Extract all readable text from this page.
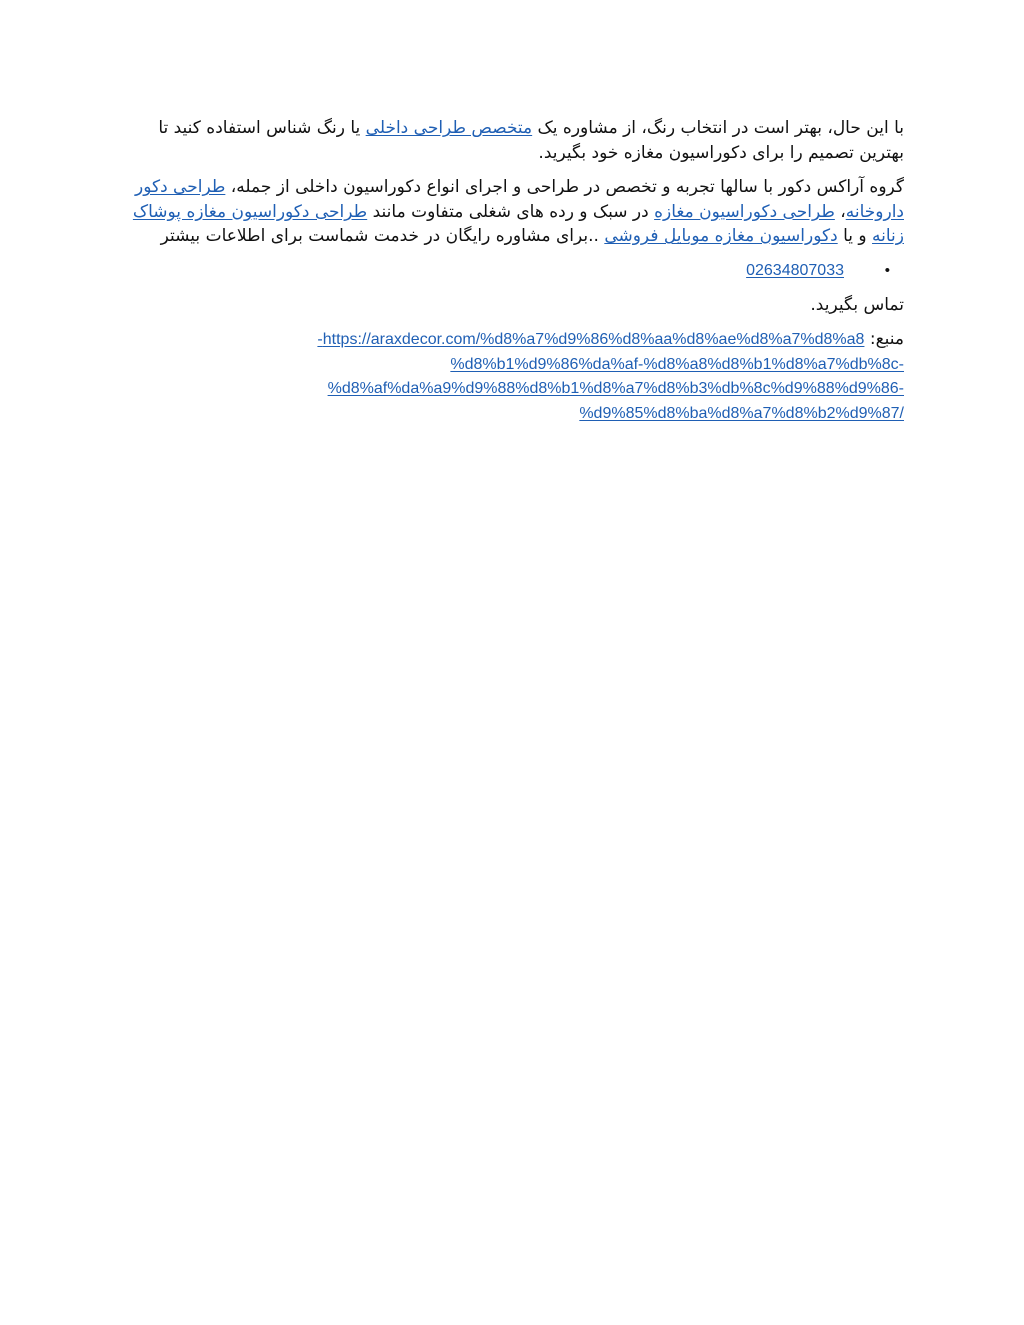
با این حال، بهتر است در انتخاب رنگ، از مشاوره یک متخصص طراحی داخلی یا رنگ شناس استفاده کنید تا بهترین تصمیم را برای دکوراسیون مغازه خود بگیرید.

گروه آراکس دکور با سالها تجربه و تخصص در طراحی و اجرای انواع دکوراسیون داخلی از جمله، طراحی دکور داروخانه، طراحی دکوراسیون مغازه در سبک و رده های شغلی متفاوت مانند طراحی دکوراسیون مغازه پوشاک زنانه و یا دکوراسیون مغازه موبایل فروشی ..برای مشاوره رایگان در خدمت شماست برای اطلاعات بیشتر

•
02634807033

تماس بگیرید.

منبع: https://araxdecor.com/%d8%a7%d9%86%d8%aa%d8%ae%d8%a7%d8%a8-
%d8%b1%d9%86%da%af-%d8%a8%d8%b1%d8%a7%db%8c-
%d8%af%da%a9%d9%88%d8%b1%d8%a7%d8%b3%db%8c%d9%88%d9%86-
%d9%85%d8%ba%d8%a7%d8%b2%d9%87/
